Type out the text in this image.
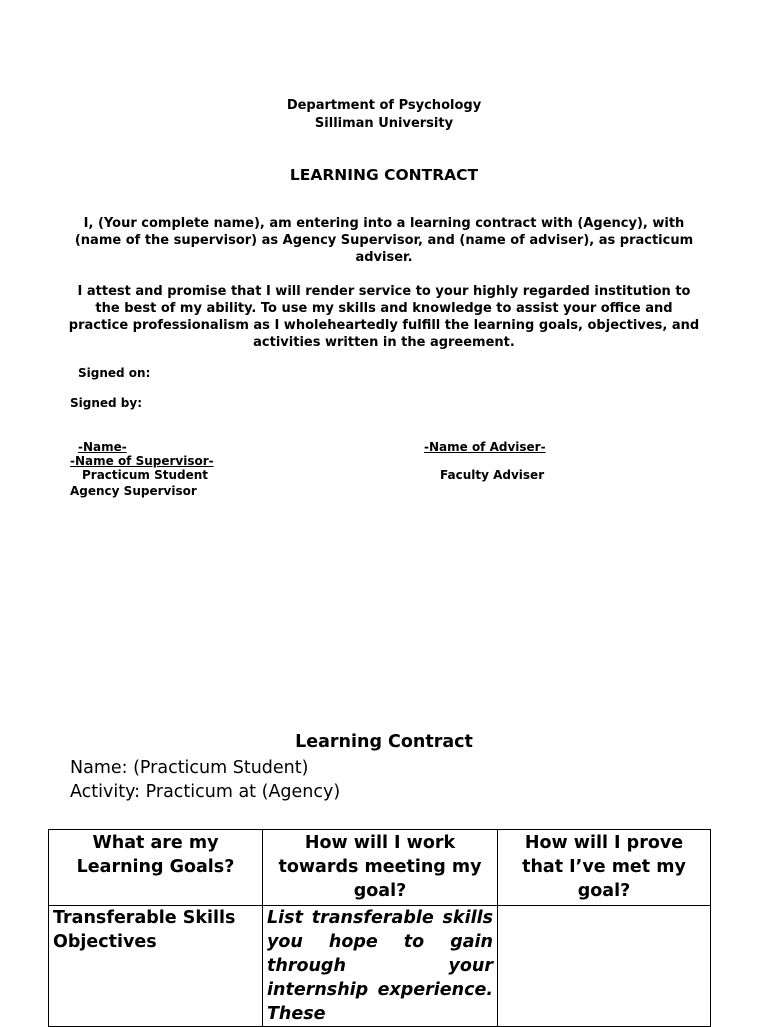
Department of Psychology
Silliman University
LEARNING CONTRACT
I, (Your complete name), am entering into a learning contract with (Agency), with (name of the supervisor) as Agency Supervisor, and (name of adviser), as practicum adviser.
I attest and promise that I will render service to your highly regarded institution to the best of my ability. To use my skills and knowledge to assist your office and practice professionalism as I wholeheartedly fulfill the learning goals, objectives, and activities written in the agreement.
Signed on:
Signed by:
-Name-
-Name of Supervisor-
Practicum Student
Agency Supervisor
-Name of Adviser-
Faculty Adviser
Learning Contract
Name: (Practicum Student)
Activity: Practicum at (Agency)
What are my Learning Goals?	How will I work towards meeting my goal?	How will I prove that I’ve met my goal?
Transferable Skills Objectives	List transferable skills you hope to gain through your internship experience. These	
